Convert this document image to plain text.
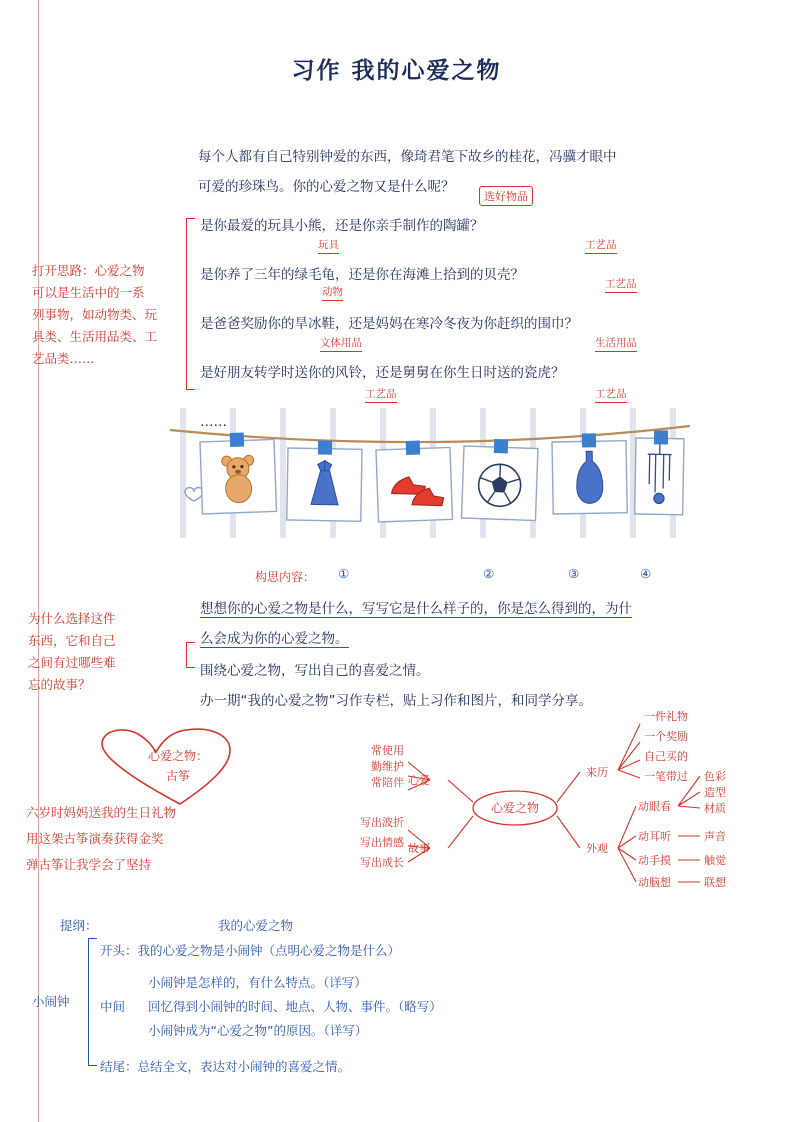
习作 我的心爱之物
每个人都有自己特别钟爱的东西，像琦君笔下故乡的桂花，冯骥才眼中可爱的珍珠鸟。你的心爱之物又是什么呢？
选好物品
打开思路：心爱之物
可以是生活中的一系
列事物，如动物类、玩
具类、生活用品类、工
艺品类……
是你最爱的玩具小熊，还是你亲手制作的陶罐？
玩具	工艺品
是你养了三年的绿毛龟，还是你在海滩上拾到的贝壳？
动物
工艺品
是爸爸奖励你的旱冰鞋，还是妈妈在寒冷冬夜为你赶织的围巾？
文体用品	生活用品
是好朋友转学时送你的风铃，还是舅舅在你生日时送的瓷虎？
工艺品	工艺品
……
构思内容： ①	②	③	④
想想你的心爱之物是什么，写写它是什么样子的，你是怎么得到的，为什
么会成为你的心爱之物。
围绕心爱之物，写出自己的喜爱之情。
办一期“我的心爱之物”习作专栏，贴上习作和图片，和同学分享。
为什么选择这件
东西，它和自己
之间有过哪些难
忘的故事？
心爱之物：
古筝
六岁时妈妈送我的生日礼物
用这架古筝演奏获得金奖
弹古筝让我学会了坚持
心爱之物
心爱
常使用
勤维护
常陪伴
故事
写出波折
写出情感
写出成长
来历
一件礼物
一个奖励
自己买的
一笔带过
外观
动眼看
动耳听
动手摸
动脑想
色彩
造型
材质
声音
触觉
联想
提纲：	我的心爱之物
小闹钟
开头：我的心爱之物是小闹钟（点明心爱之物是什么）
小闹钟是怎样的，有什么特点。（详写）
中间 回忆得到小闹钟的时间、地点、人物、事件。（略写）
小闹钟成为“心爱之物”的原因。（详写）
结尾：总结全文，表达对小闹钟的喜爱之情。
